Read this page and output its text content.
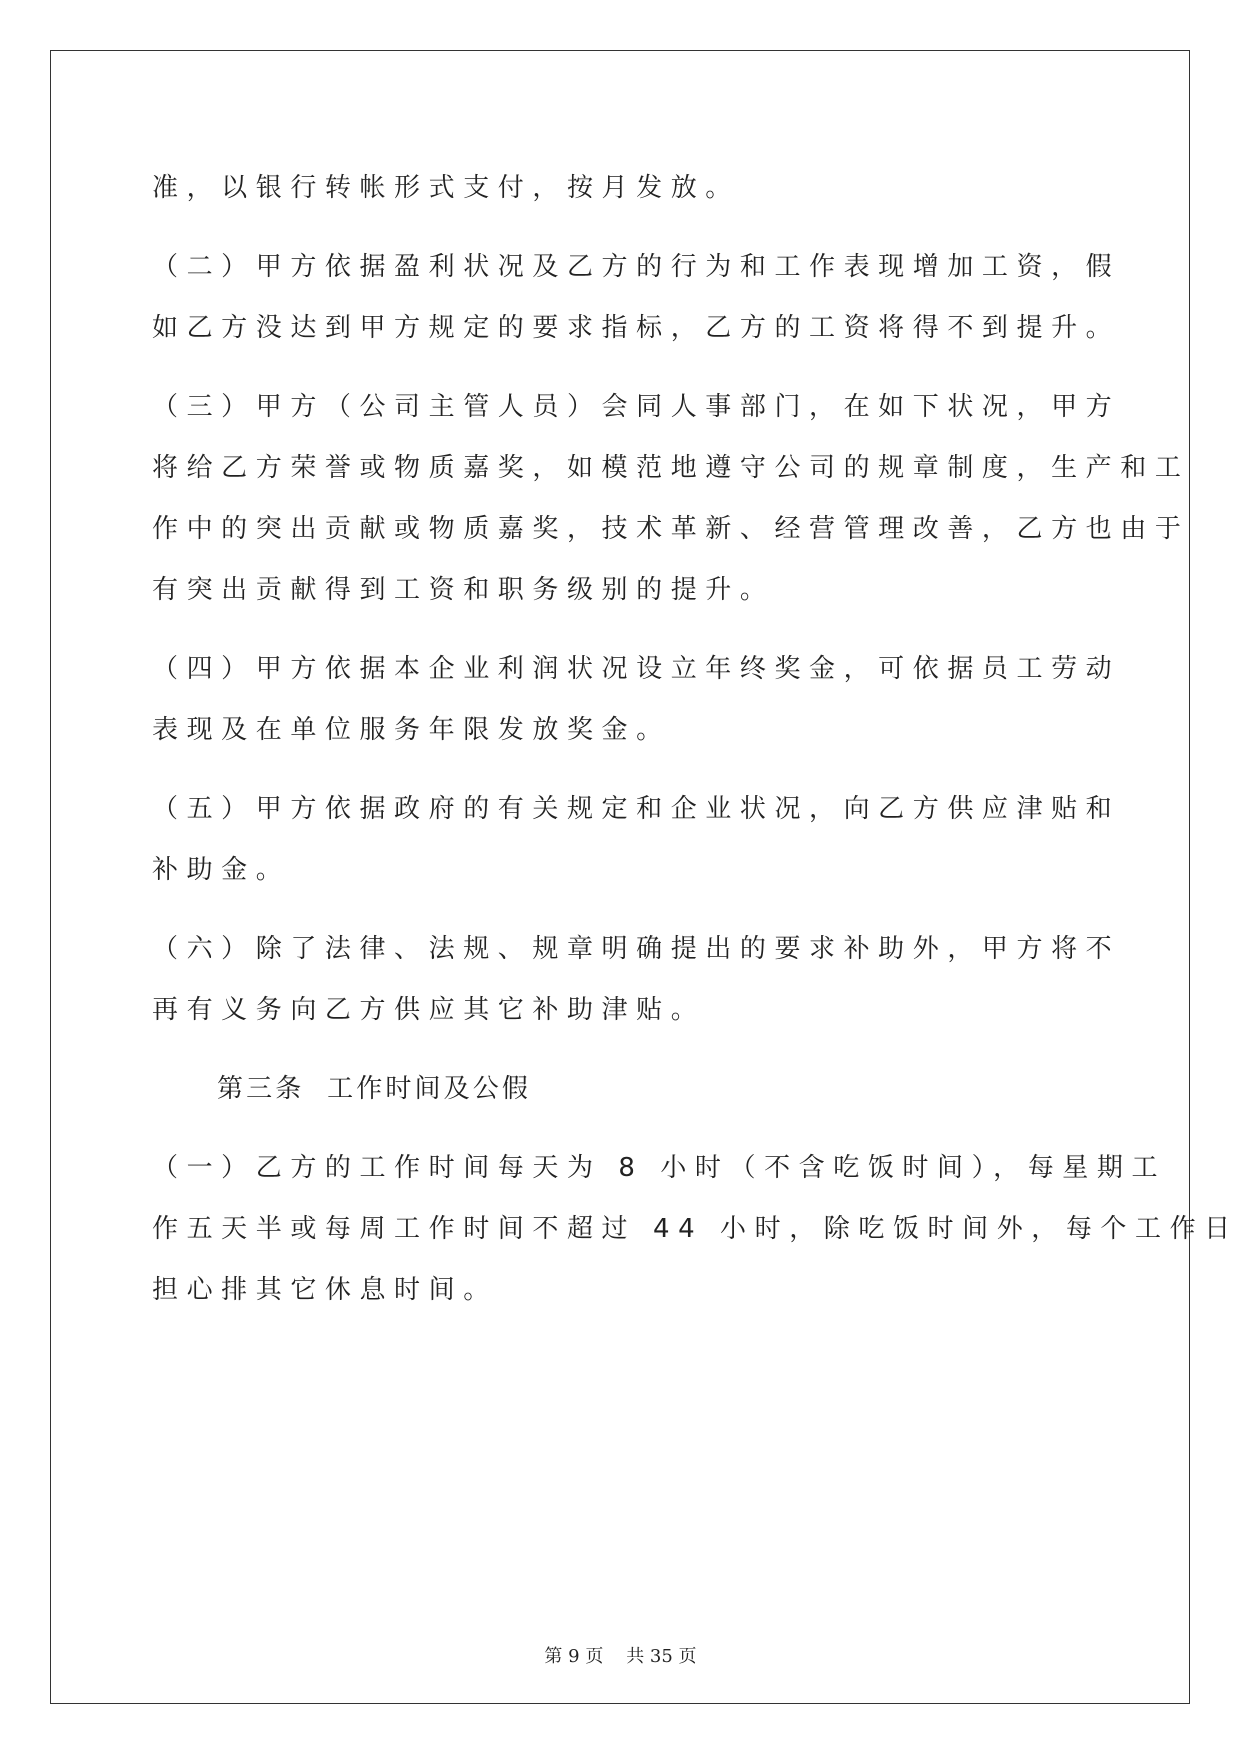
准，以银行转帐形式支付，按月发放。

（二）甲方依据盈利状况及乙方的行为和工作表现增加工资，假
如乙方没达到甲方规定的要求指标，乙方的工资将得不到提升。

（三）甲方（公司主管人员）会同人事部门，在如下状况，甲方
将给乙方荣誉或物质嘉奖，如模范地遵守公司的规章制度，生产和工
作中的突出贡献或物质嘉奖，技术革新、经营管理改善，乙方也由于
有突出贡献得到工资和职务级别的提升。

（四）甲方依据本企业利润状况设立年终奖金，可依据员工劳动
表现及在单位服务年限发放奖金。

（五）甲方依据政府的有关规定和企业状况，向乙方供应津贴和
补助金。

（六）除了法律、法规、规章明确提出的要求补助外，甲方将不
再有义务向乙方供应其它补助津贴。

第三条  工作时间及公假

（一）乙方的工作时间每天为 8 小时（不含吃饭时间），每星期工
作五天半或每周工作时间不超过 44 小时，除吃饭时间外，每个工作日
担心排其它休息时间。

第 9 页    共 35 页
